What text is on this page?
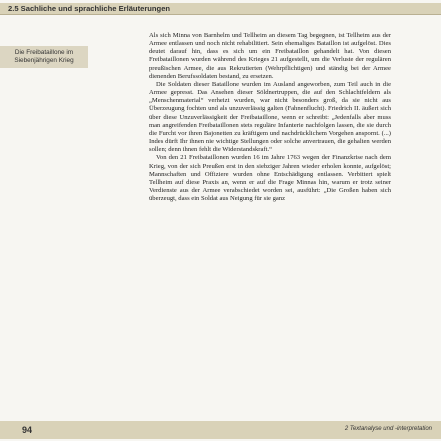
2.5 Sachliche und sprachliche Erläuterungen
Die Freibataillone im
Siebenjährigen Krieg

Als sich Minna von Barnhelm und Tellheim an diesem Tag begegnen, ist Tellheim aus der Armee entlassen und noch nicht rehabilitiert. Sein ehemaliges Bataillon ist aufgelöst. Dies deutet darauf hin, dass es sich um ein Freibataillon gehandelt hat. Von diesen Freibataillonen wurden während des Krieges 21 aufgestellt, um die Verluste der regulären preußischen Armee, die aus Rekrutierten (Wehrpflichtigen) und ständig bei der Armee dienenden Berufssoldaten bestand, zu ersetzen.

Die Soldaten dieser Bataillone wurden im Ausland angeworben, zum Teil auch in die Armee gepresst. Das Ansehen dieser Söldnertruppen, die auf den Schlachtfeldern als „Menschenmaterial“ verheizt wurden, war nicht besonders groß, da sie nicht aus Überzeugung fochten und als unzuverlässig galten (Fahnenflucht). Friedrich II. äußert sich über diese Unzuverlässigkeit der Freibataillone, wenn er schreibt: „Jedenfalls aber muss man angreifenden Freibataillonen stets reguläre Infanterie nachfolgen lassen, die sie durch die Furcht vor ihren Bajonetten zu kräftigem und nachdrücklichem Vorgehen anspornt. (...) Indes dürft Ihr ihnen nie wichtige Stellungen oder solche anvertrauen, die gehalten werden sollen; denn ihnen fehlt die Widerstandskraft.“

Von den 21 Freibataillonen wurden 16 im Jahre 1763 wegen der Finanzkrise nach dem Krieg, von der sich Preußen erst in den siebziger Jahren wieder erholen konnte, aufgelöst; Mannschaften und Offiziere wurden ohne Entschädigung entlassen. Verbittert spielt Tellheim auf diese Praxis an, wenn er auf die Frage Minnas hin, warum er trotz seiner Verdienste aus der Armee verabschiedet worden sei, ausführt: „Die Großen haben sich überzeugt, dass ein Soldat aus Neigung für sie ganz

94	2 Textanalyse und -interpretation
